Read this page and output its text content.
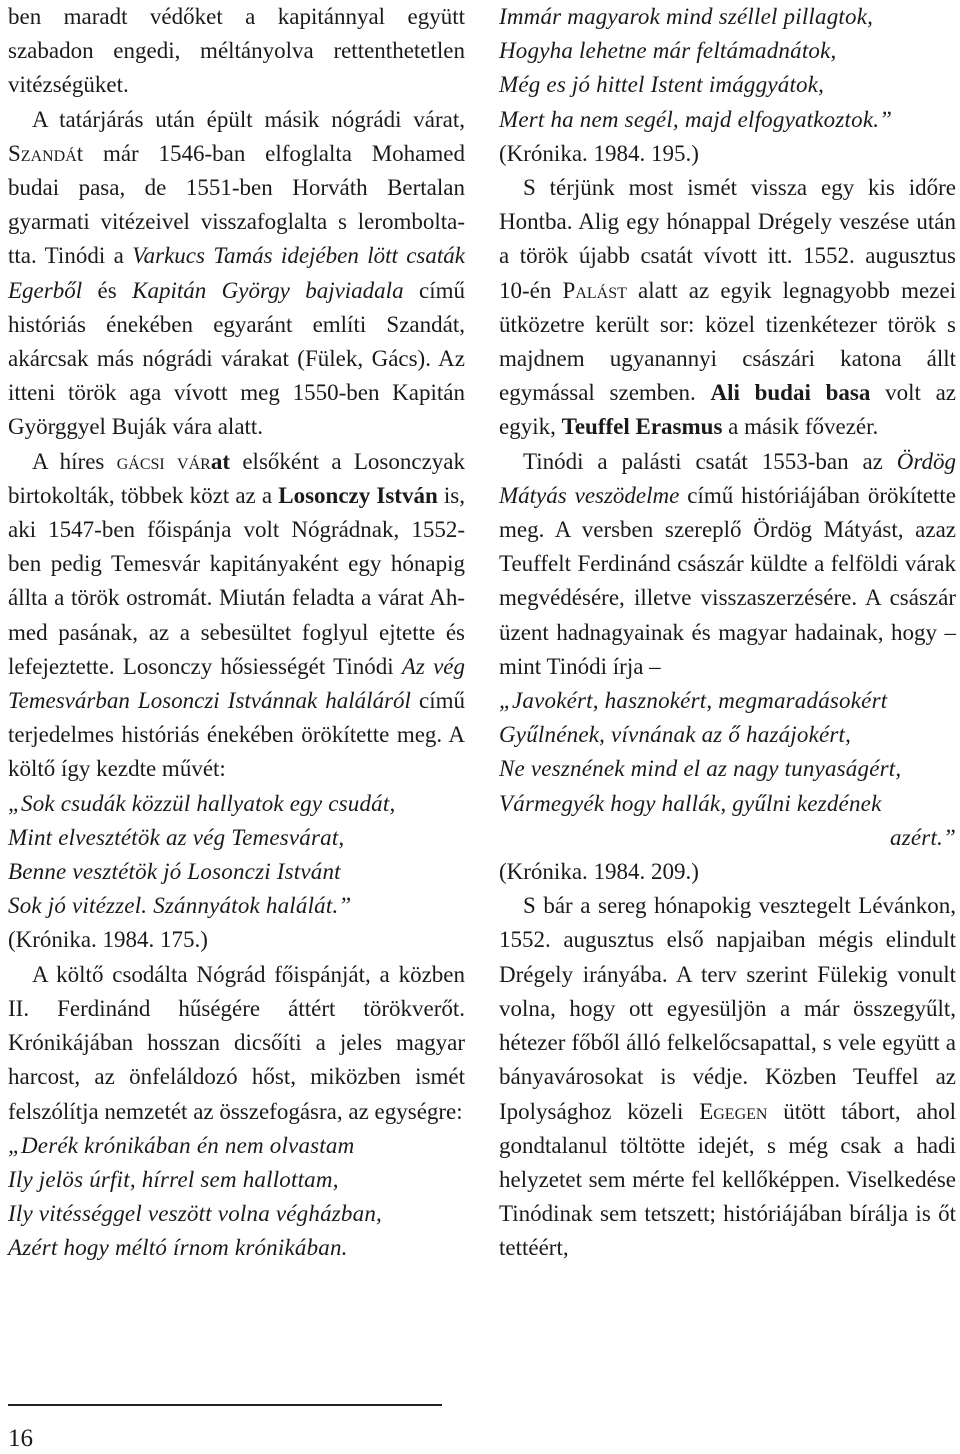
ben maradt védőket a kapitánnyal együtt szabadon engedi, méltányolva rettenthetetlen vitézségüket.

A tatárjárás után épült másik nógrádi várat, Szandát már 1546-ban elfoglalta Mohamed budai pasa, de 1551-ben Horváth Bertalan gyarmati vitézeivel visszafoglalta s leromboltatta. Tinódi a Varkucs Tamás idejében lött csaták Egerből és Kapitán György bajviadala című históriás énekében egyaránt említi Szandát, akárcsak más nógrádi várakat (Fülek, Gács). Az itteni török aga vívott meg 1550-ben Kapitán Györggyel Buják vára alatt.

A híres gácsi várat elsőként a Losonczyak birtokolták, többek közt az a Losonczy István is, aki 1547-ben főispánja volt Nógrádnak, 1552-ben pedig Temesvár kapitányaként egy hónapig állta a török ostromát. Miután feladta a várat Ahmed pasának, az a sebesültet foglyul ejtette és lefejeztette. Losonczy hősiességét Tinódi Az vég Temesvárban Losonczi Istvánnak haláláról című terjedelmes históriás énekében örökítette meg. A költő így kezdte művét:

„Sok csudák közzül hallyatok egy csudát,
Mint elvesztétök az vég Temesvárat,
Benne vesztétök jó Losonczi Istvánt
Sok jó vitézzel. Szánnyátok halálát.”
(Krónika. 1984. 175.)

A költő csodálta Nógrád főispánját, a közben II. Ferdinánd hűségére áttért törökverőt. Krónikájában hosszan dicsőíti a jeles magyar harcost, az önfeláldozó hőst, miközben ismét felszólítja nemzetét az összefogásra, az egységre:

„Derék krónikában én nem olvastam
Ily jelös úrfit, hírrel sem hallottam,
Ily vitésséggel veszött volna végházban,
Azért hogy méltó írnom krónikában.
Immár magyarok mind széllel pillagtok,
Hogyha lehetne már feltámadnátok,
Még es jó hittel Istent imággyátok,
Mert ha nem segél, majd elfogyatkoztok.”
(Krónika. 1984. 195.)

S térjünk most ismét vissza egy kis időre Hontba. Alig egy hónappal Drégely veszése után a török újabb csatát vívott itt. 1552. augusztus 10-én Palást alatt az egyik legnagyobb mezei ütközetre került sor: közel tizenkétezer török s majdnem ugyanannyi császári katona állt egymással szemben. Ali budai basa volt az egyik, Teuffel Erasmus a másik fővezér.

Tinódi a palásti csatát 1553-ban az Ördög Mátyás veszödelme című históriájában örökítette meg. A versben szereplő Ördög Mátyást, azaz Teuffelt Ferdinánd császár küldte a felföldi várak megvédésére, illetve visszaszerzésére. A császár üzent hadnagyainak és magyar hadainak, hogy – mint Tinódi írja –

„Javokért, hasznokért, megmaradásokért
Gyűlnének, vívnának az ő hazájokért,
Ne vesznének mind el az nagy tunyaságért,
Vármegyék hogy hallák, gyűlni kezdének
azért.”
(Krónika. 1984. 209.)

S bár a sereg hónapokig vesztegelt Lévánkon, 1552. augusztus első napjaiban mégis elindult Drégely irányába. A terv szerint Fülekig vonult volna, hogy ott egyesüljön a már összegyűlt, hétezer főből álló felkelőcsapattal, s vele együtt a bányavárosokat is védje. Közben Teuffel az Ipolysághoz közeli Egegen ütött tábort, ahol gondtalanul töltötte idejét, s még csak a hadi helyzetet sem mérte fel kellőképpen. Viselkedése Tinódinak sem tetszett; históriájában bírálja is őt tettéért,

16
